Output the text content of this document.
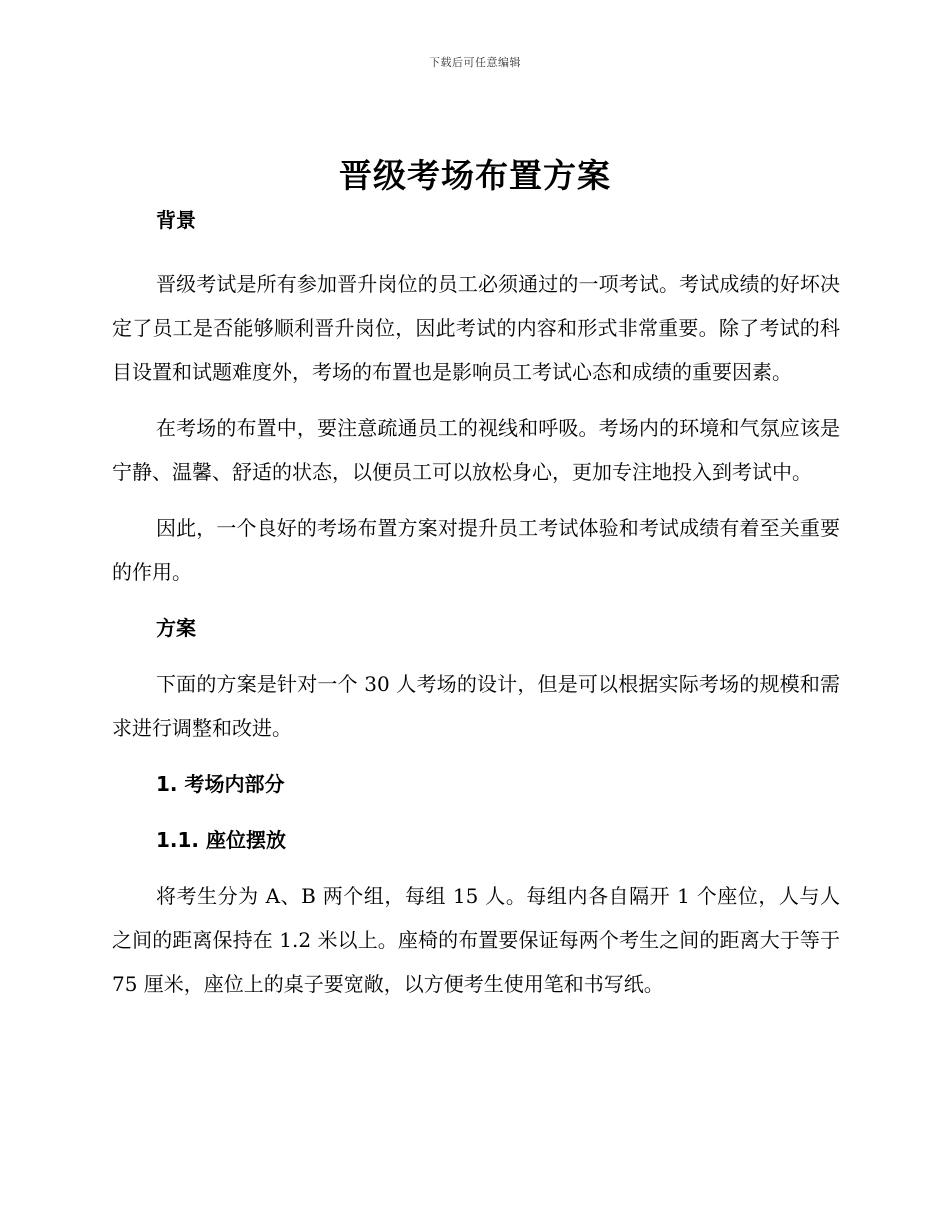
下载后可任意编辑
晋级考场布置方案
背景

晋级考试是所有参加晋升岗位的员工必须通过的一项考试。考试成绩的好坏决定了员工是否能够顺利晋升岗位，因此考试的内容和形式非常重要。除了考试的科目设置和试题难度外，考场的布置也是影响员工考试心态和成绩的重要因素。

在考场的布置中，要注意疏通员工的视线和呼吸。考场内的环境和气氛应该是宁静、温馨、舒适的状态，以便员工可以放松身心，更加专注地投入到考试中。

因此，一个良好的考场布置方案对提升员工考试体验和考试成绩有着至关重要的作用。

方案

下面的方案是针对一个 30 人考场的设计，但是可以根据实际考场的规模和需求进行调整和改进。

1. 考场内部分
1.1. 座位摆放

将考生分为 A、B 两个组，每组 15 人。每组内各自隔开 1 个座位，人与人之间的距离保持在 1.2 米以上。座椅的布置要保证每两个考生之间的距离大于等于 75 厘米，座位上的桌子要宽敞，以方便考生使用笔和书写纸。
